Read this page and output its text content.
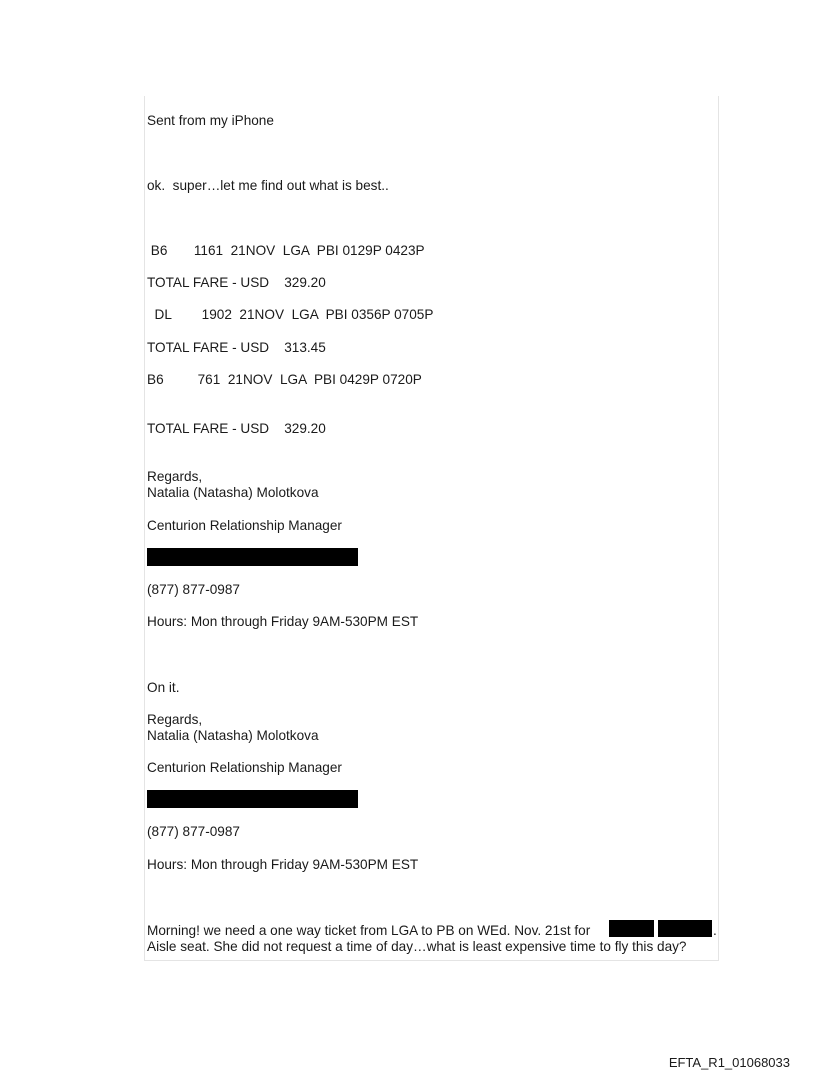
Sent from my iPhone
ok.  super…let me find out what is best..
B6       1161  21NOV  LGA  PBI 0129P 0423P
TOTAL FARE - USD    329.20
DL        1902  21NOV  LGA  PBI 0356P 0705P
TOTAL FARE - USD    313.45
B6         761  21NOV  LGA  PBI 0429P 0720P
TOTAL FARE - USD    329.20
Regards,
Natalia (Natasha) Molotkova
Centurion Relationship Manager
(877) 877-0987
Hours: Mon through Friday 9AM-530PM EST
On it.
Regards,
Natalia (Natasha) Molotkova
Centurion Relationship Manager
(877) 877-0987
Hours: Mon through Friday 9AM-530PM EST
Morning! we need a one way ticket from LGA to PB on WEd. Nov. 21st for	.
Aisle seat. She did not request a time of day…what is least expensive time to fly this day?
EFTA_R1_01068033
